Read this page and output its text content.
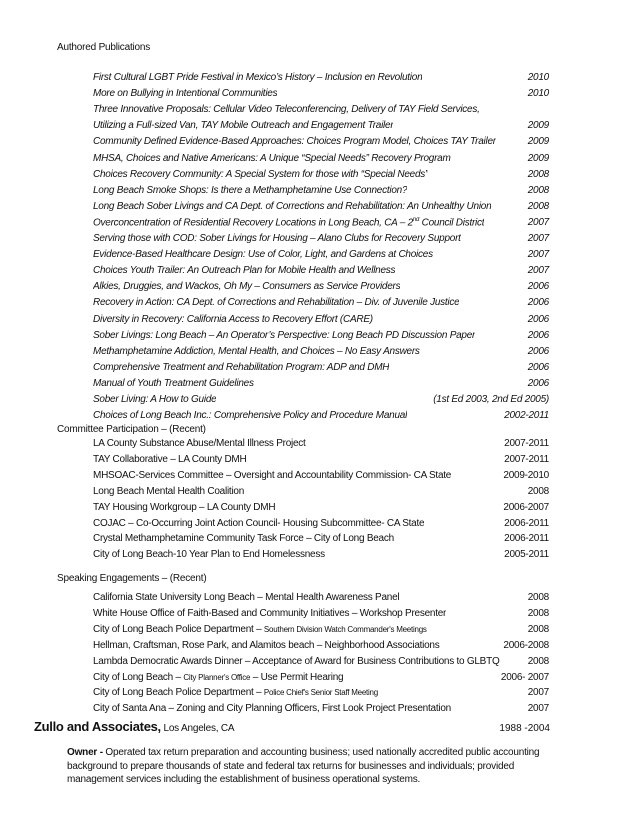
Authored Publications
First Cultural LGBT Pride Festival in Mexico’s History – Inclusion en Revolution	2010
More on Bullying in Intentional Communities	2010
Three Innovative Proposals: Cellular Video Teleconferencing, Delivery of TAY Field Services,
Utilizing a Full-sized Van, TAY Mobile Outreach and Engagement Trailer	2009
Community Defined Evidence-Based Approaches: Choices Program Model, Choices TAY Trailer	2009
MHSA, Choices and Native Americans: A Unique “Special Needs” Recovery Program	2009
Choices Recovery Community: A Special System for those with “Special Needs”	2008
Long Beach Smoke Shops: Is there a Methamphetamine Use Connection?	2008
Long Beach Sober Livings and CA Dept. of Corrections and Rehabilitation: An Unhealthy Union	2008
Overconcentration of Residential Recovery Locations in Long Beach, CA – 2nd Council District	2007
Serving those with COD: Sober Livings for Housing – Alano Clubs for Recovery Support	2007
Evidence-Based Healthcare Design: Use of Color, Light, and Gardens at Choices	2007
Choices Youth Trailer: An Outreach Plan for Mobile Health and Wellness	2007
Alkies, Druggies, and Wackos, Oh My – Consumers as Service Providers	2006
Recovery in Action: CA Dept. of Corrections and Rehabilitation – Div. of Juvenile Justice	2006
Diversity in Recovery: California Access to Recovery Effort (CARE)	2006
Sober Livings: Long Beach – An Operator’s Perspective: Long Beach PD Discussion Paper	2006
Methamphetamine Addiction, Mental Health, and Choices – No Easy Answers	2006
Comprehensive Treatment and Rehabilitation Program: ADP and DMH	2006
Manual of Youth Treatment Guidelines	2006
Sober Living: A How to Guide	(1st Ed 2003, 2nd Ed 2005)
Choices of Long Beach Inc.: Comprehensive Policy and Procedure Manual	2002-2011
Committee Participation – (Recent)
LA County Substance Abuse/Mental Illness Project	2007-2011
TAY Collaborative – LA County DMH	2007-2011
MHSOAC-Services Committee – Oversight and Accountability Commission- CA State	2009-2010
Long Beach Mental Health Coalition	2008
TAY Housing Workgroup – LA County DMH	2006-2007
COJAC – Co-Occurring Joint Action Council- Housing Subcommittee- CA State	2006-2011
Crystal Methamphetamine Community Task Force – City of Long Beach	2006-2011
City of Long Beach-10 Year Plan to End Homelessness	2005-2011
Speaking Engagements – (Recent)
California State University Long Beach – Mental Health Awareness Panel	2008
White House Office of Faith-Based and Community Initiatives – Workshop Presenter	2008
City of Long Beach Police Department – Southern Division Watch Commander's Meetings	2008
Hellman, Craftsman, Rose Park, and Alamitos beach – Neighborhood Associations	2006-2008
Lambda Democratic Awards Dinner – Acceptance of Award for Business Contributions to GLBTQ	2008
City of Long Beach – City Planner's Office – Use Permit Hearing	2006- 2007
City of Long Beach Police Department – Police Chief's Senior Staff Meeting	2007
City of Santa Ana – Zoning and City Planning Officers, First Look Project Presentation	2007
Zullo and Associates, Los Angeles, CA	1988 -2004
Owner - Operated tax return preparation and accounting business; used nationally accredited public accounting background to prepare thousands of state and federal tax returns for businesses and individuals; provided management services including the establishment of business operational systems.
